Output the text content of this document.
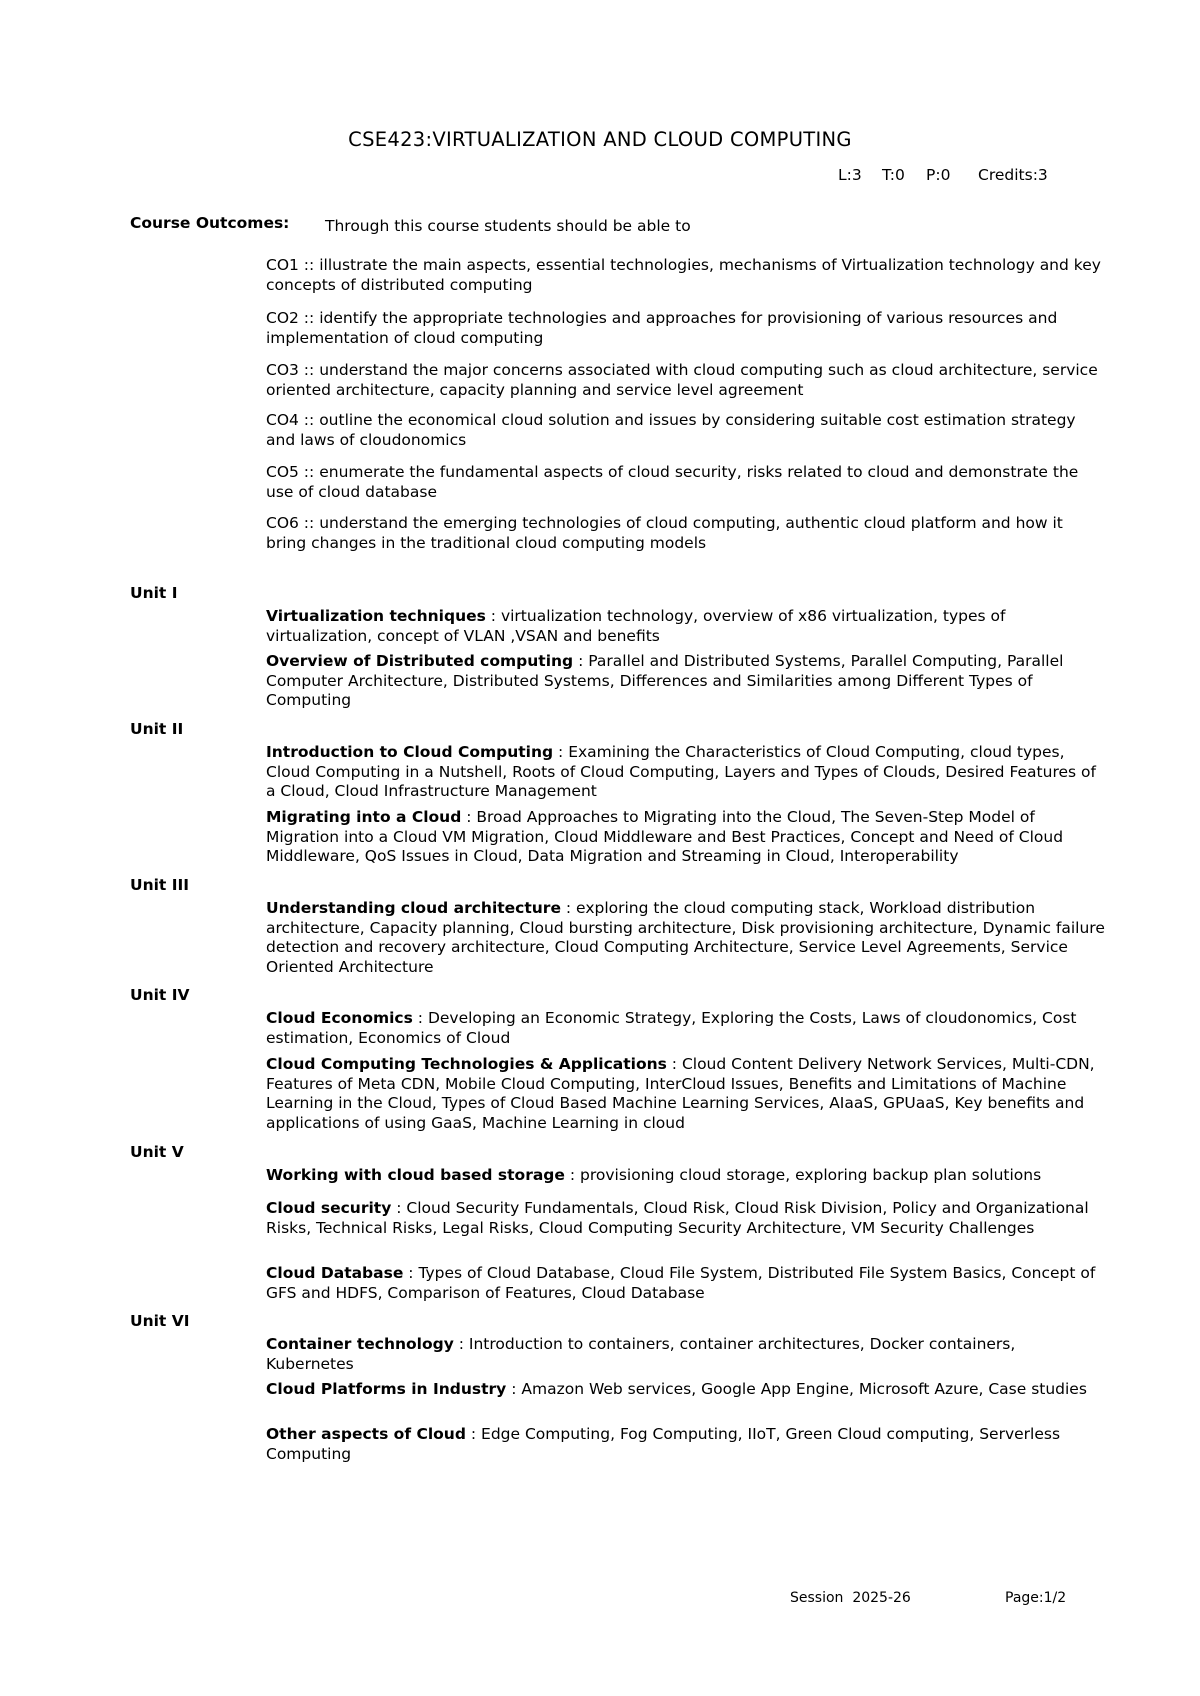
CSE423:VIRTUALIZATION AND CLOUD COMPUTING
L:3 T:0 P:0 Credits:3
Course Outcomes: Through this course students should be able to
CO1 :: illustrate the main aspects, essential technologies, mechanisms of Virtualization technology and key concepts of distributed computing
CO2 :: identify the appropriate technologies and approaches for provisioning of various resources and implementation of cloud computing
CO3 :: understand the major concerns associated with cloud computing such as cloud architecture, service oriented architecture, capacity planning and service level agreement
CO4 :: outline the economical cloud solution and issues by considering suitable cost estimation strategy and laws of cloudonomics
CO5 :: enumerate the fundamental aspects of cloud security, risks related to cloud and demonstrate the use of cloud database
CO6 :: understand the emerging technologies of cloud computing, authentic cloud platform and how it bring changes in the traditional cloud computing models
Unit I
Virtualization techniques : virtualization technology, overview of x86 virtualization, types of virtualization, concept of VLAN ,VSAN and benefits
Overview of Distributed computing : Parallel and Distributed Systems, Parallel Computing, Parallel Computer Architecture, Distributed Systems, Differences and Similarities among Different Types of Computing
Unit II
Introduction to Cloud Computing : Examining the Characteristics of Cloud Computing, cloud types, Cloud Computing in a Nutshell, Roots of Cloud Computing, Layers and Types of Clouds, Desired Features of a Cloud, Cloud Infrastructure Management
Migrating into a Cloud : Broad Approaches to Migrating into the Cloud, The Seven-Step Model of Migration into a Cloud VM Migration, Cloud Middleware and Best Practices, Concept and Need of Cloud Middleware, QoS Issues in Cloud, Data Migration and Streaming in Cloud, Interoperability
Unit III
Understanding cloud architecture : exploring the cloud computing stack, Workload distribution architecture, Capacity planning, Cloud bursting architecture, Disk provisioning architecture, Dynamic failure detection and recovery architecture, Cloud Computing Architecture, Service Level Agreements, Service Oriented Architecture
Unit IV
Cloud Economics : Developing an Economic Strategy, Exploring the Costs, Laws of cloudonomics, Cost estimation, Economics of Cloud
Cloud Computing Technologies & Applications : Cloud Content Delivery Network Services, Multi-CDN, Features of Meta CDN, Mobile Cloud Computing, InterCloud Issues, Benefits and Limitations of Machine Learning in the Cloud, Types of Cloud Based Machine Learning Services, AIaaS, GPUaaS, Key benefits and applications of using GaaS, Machine Learning in cloud
Unit V
Working with cloud based storage : provisioning cloud storage, exploring backup plan solutions
Cloud security : Cloud Security Fundamentals, Cloud Risk, Cloud Risk Division, Policy and Organizational Risks, Technical Risks, Legal Risks, Cloud Computing Security Architecture, VM Security Challenges
Cloud Database : Types of Cloud Database, Cloud File System, Distributed File System Basics, Concept of GFS and HDFS, Comparison of Features, Cloud Database
Unit VI
Container technology : Introduction to containers, container architectures, Docker containers, Kubernetes
Cloud Platforms in Industry : Amazon Web services, Google App Engine, Microsoft Azure, Case studies
Other aspects of Cloud : Edge Computing, Fog Computing, IIoT, Green Cloud computing, Serverless Computing
Session  2025-26	Page:1/2
